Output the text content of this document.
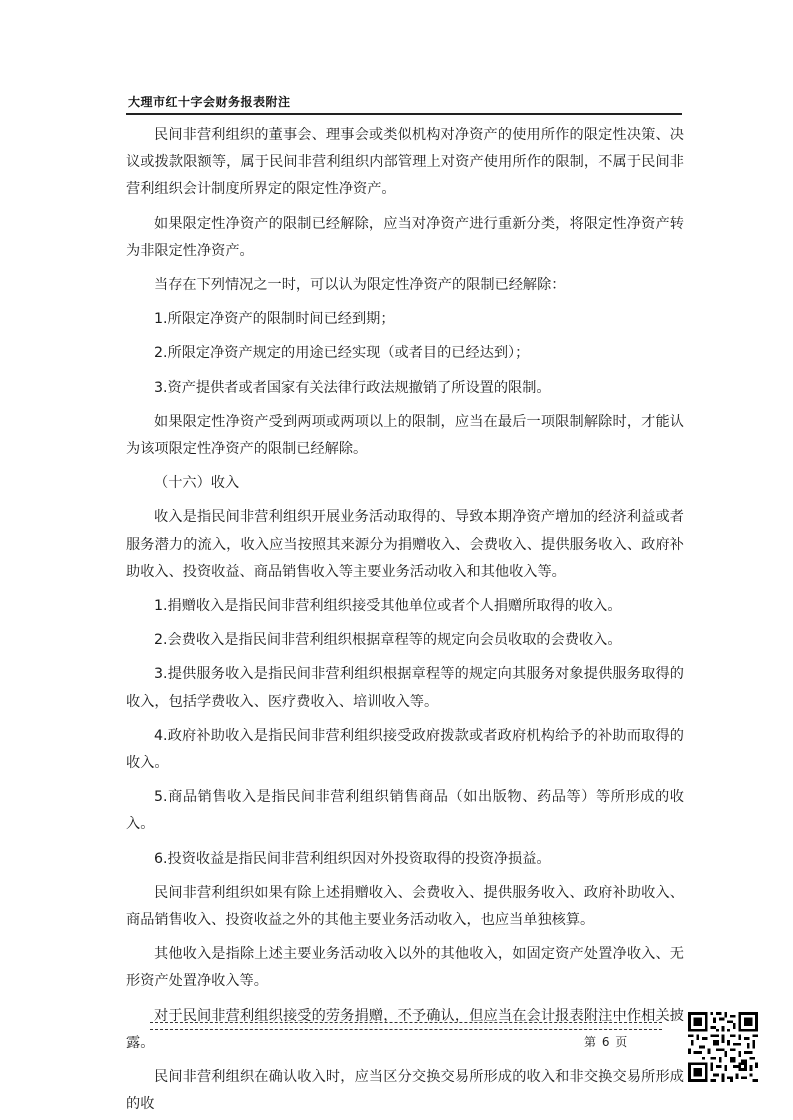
大理市红十字会财务报表附注

民间非营利组织的董事会、理事会或类似机构对净资产的使用所作的限定性决策、决议或拨款限额等，属于民间非营利组织内部管理上对资产使用所作的限制，不属于民间非营利组织会计制度所界定的限定性净资产。

如果限定性净资产的限制已经解除，应当对净资产进行重新分类，将限定性净资产转为非限定性净资产。

当存在下列情况之一时，可以认为限定性净资产的限制已经解除：

1.所限定净资产的限制时间已经到期；

2.所限定净资产规定的用途已经实现（或者目的已经达到）；

3.资产提供者或者国家有关法律行政法规撤销了所设置的限制。

如果限定性净资产受到两项或两项以上的限制，应当在最后一项限制解除时，才能认为该项限定性净资产的限制已经解除。

（十六）收入

收入是指民间非营利组织开展业务活动取得的、导致本期净资产增加的经济利益或者服务潜力的流入，收入应当按照其来源分为捐赠收入、会费收入、提供服务收入、政府补助收入、投资收益、商品销售收入等主要业务活动收入和其他收入等。

1.捐赠收入是指民间非营利组织接受其他单位或者个人捐赠所取得的收入。

2.会费收入是指民间非营利组织根据章程等的规定向会员收取的会费收入。

3.提供服务收入是指民间非营利组织根据章程等的规定向其服务对象提供服务取得的收入，包括学费收入、医疗费收入、培训收入等。

4.政府补助收入是指民间非营利组织接受政府拨款或者政府机构给予的补助而取得的收入。

5.商品销售收入是指民间非营利组织销售商品（如出版物、药品等）等所形成的收入。

6.投资收益是指民间非营利组织因对外投资取得的投资净损益。

民间非营利组织如果有除上述捐赠收入、会费收入、提供服务收入、政府补助收入、商品销售收入、投资收益之外的其他主要业务活动收入，也应当单独核算。

其他收入是指除上述主要业务活动收入以外的其他收入，如固定资产处置净收入、无形资产处置净收入等。

对于民间非营利组织接受的劳务捐赠，不予确认，但应当在会计报表附注中作相关披露。

民间非营利组织在确认收入时，应当区分交换交易所形成的收入和非交换交易所形成的收

第 6 页
